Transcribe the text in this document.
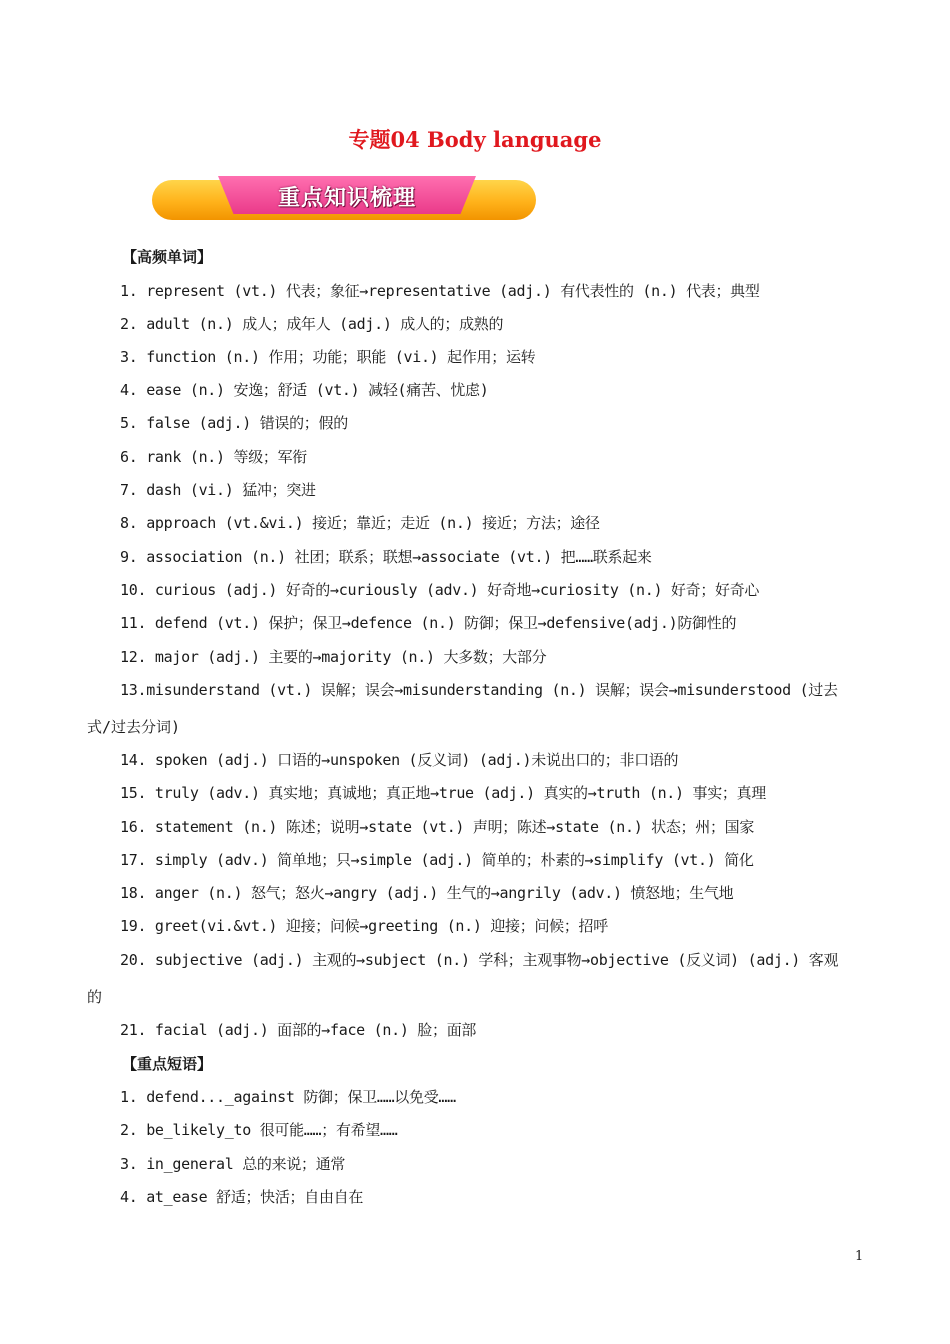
专题04 Body language
重点知识梳理
【高频单词】
1. represent (vt.) 代表；象征→representative (adj.) 有代表性的 (n.) 代表；典型
2. adult (n.) 成人；成年人 (adj.) 成人的；成熟的
3. function (n.) 作用；功能；职能 (vi.) 起作用；运转
4. ease (n.) 安逸；舒适 (vt.) 减轻(痛苦、忧虑)
5. false (adj.) 错误的；假的
6. rank (n.) 等级；军衔
7. dash (vi.) 猛冲；突进
8. approach (vt.&vi.) 接近；靠近；走近 (n.) 接近；方法；途径
9. association (n.) 社团；联系；联想→associate (vt.) 把……联系起来
10. curious (adj.) 好奇的→curiously (adv.) 好奇地→curiosity (n.) 好奇；好奇心
11. defend (vt.) 保护；保卫→defence (n.) 防御；保卫→defensive(adj.)防御性的
12. major (adj.) 主要的→majority (n.) 大多数；大部分
13.misunderstand (vt.) 误解；误会→misunderstanding (n.) 误解；误会→misunderstood (过去
式/过去分词)
14. spoken (adj.) 口语的→unspoken (反义词) (adj.)未说出口的；非口语的
15. truly (adv.) 真实地；真诚地；真正地→true (adj.) 真实的→truth (n.) 事实；真理
16. statement (n.) 陈述；说明→state (vt.) 声明；陈述→state (n.) 状态；州；国家
17. simply (adv.) 简单地；只→simple (adj.) 简单的；朴素的→simplify (vt.) 简化
18. anger (n.) 怒气；怒火→angry (adj.) 生气的→angrily (adv.) 愤怒地；生气地
19. greet(vi.&vt.) 迎接；问候→greeting (n.) 迎接；问候；招呼
20. subjective (adj.) 主观的→subject (n.) 学科；主观事物→objective (反义词) (adj.) 客观
的
21. facial (adj.) 面部的→face (n.) 脸；面部
【重点短语】
1. defend..._against 防御；保卫……以免受……
2. be_likely_to 很可能……；有希望……
3. in_general 总的来说；通常
4. at_ease 舒适；快活；自由自在
1
